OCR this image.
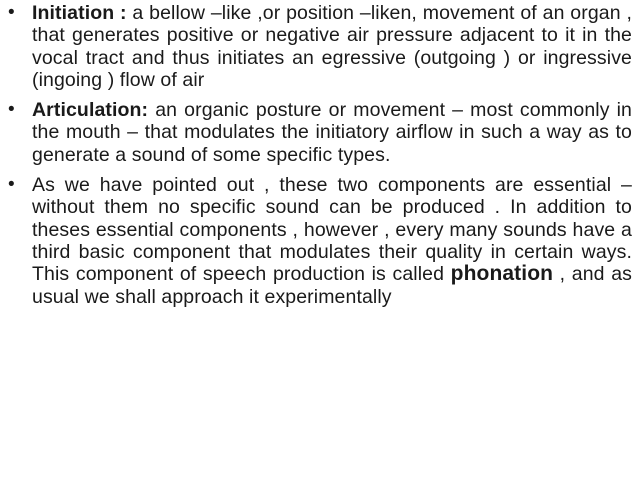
• Initiation : a bellow –like ,or position –liken, movement of an organ , that generates positive or negative air pressure adjacent to it in the vocal tract and thus initiates an egressive (outgoing ) or ingressive (ingoing ) flow of air
• Articulation: an organic posture or movement – most commonly in the mouth – that modulates the initiatory airflow in such a way as to generate a sound of some specific types.
• As we have pointed out , these two components are essential – without them no specific sound can be produced . In addition to theses essential components , however , every many sounds have a third basic component that modulates their quality in certain ways. This component of speech production is called phonation , and as usual we shall approach it experimentally
